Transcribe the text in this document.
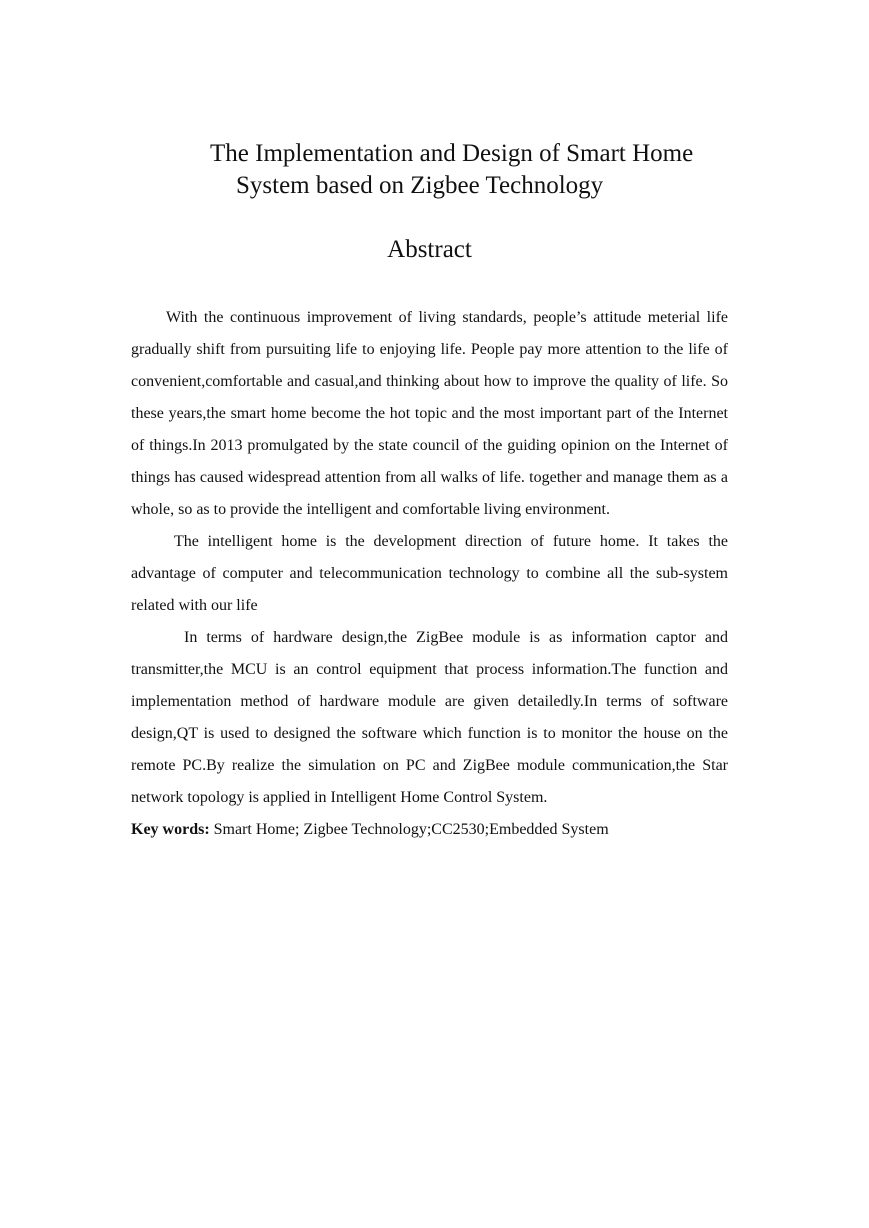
The Implementation and Design of Smart Home
System based on Zigbee Technology
Abstract

With the continuous improvement of living standards, people’s attitude meterial life gradually shift from pursuiting life to enjoying life. People pay more attention to the life of convenient,comfortable and casual,and thinking about how to improve the quality of life. So these years,the smart home become the hot topic and the most important part of the Internet of things.In 2013 promulgated by the state council of the guiding opinion on the Internet of things has caused widespread attention from all walks of life. together and manage them as a whole, so as to provide the intelligent and comfortable living environment.

The intelligent home is the development direction of future home. It takes the advantage of computer and telecommunication technology to combine all the sub-system related with our life

In terms of hardware design,the ZigBee module is as information captor and transmitter,the MCU is an control equipment that process information.The function and implementation method of hardware module are given detailedly.In terms of software design,QT is used to designed the software which function is to monitor the house on the remote PC.By realize the simulation on PC and ZigBee module communication,the Star network topology is applied in Intelligent Home Control System.

Key words: Smart Home; Zigbee Technology;CC2530;Embedded System
